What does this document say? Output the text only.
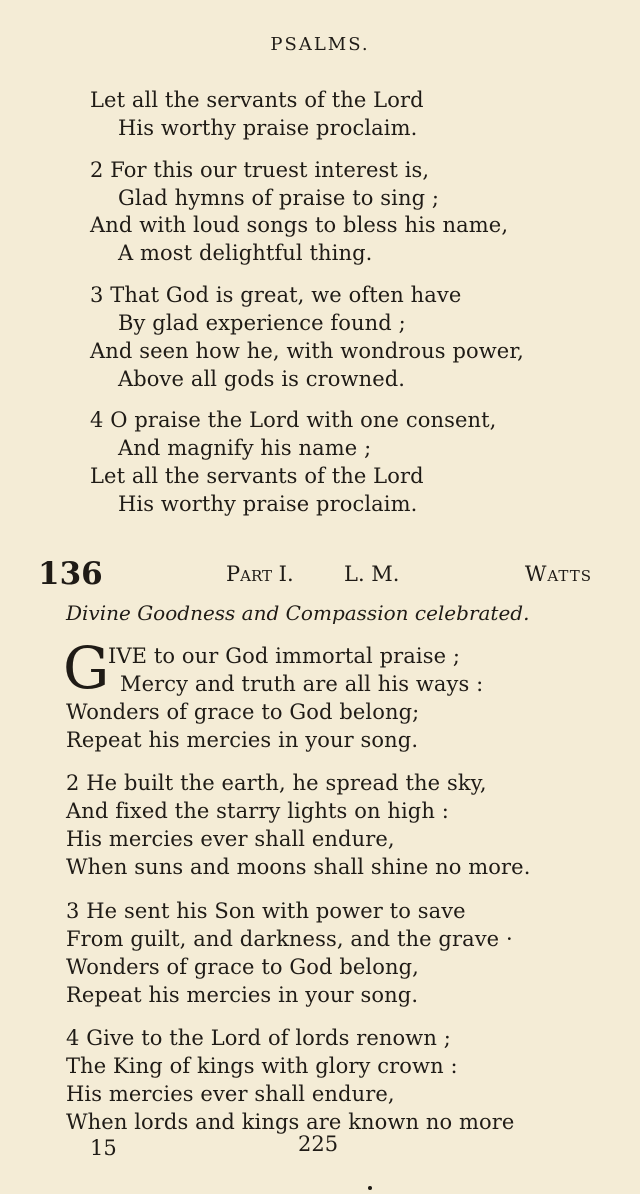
PSALMS.
Let all the servants of the Lord
His worthy praise proclaim.
2 For this our truest interest is,
Glad hymns of praise to sing ;
And with loud songs to bless his name,
A most delightful thing.
3 That God is great, we often have
By glad experience found ;
And seen how he, with wondrous power,
Above all gods is crowned.
4 O praise the Lord with one consent,
And magnify his name ;
Let all the servants of the Lord
His worthy praise proclaim.
136	Part I. L. M.	Watts
Divine Goodness and Compassion celebrated.
G
IVE to our God immortal praise ;
Mercy and truth are all his ways :
Wonders of grace to God belong;
Repeat his mercies in your song.
2 He built the earth, he spread the sky,
And fixed the starry lights on high :
His mercies ever shall endure,
When suns and moons shall shine no more.
3 He sent his Son with power to save
From guilt, and darkness, and the grave ·
Wonders of grace to God belong,
Repeat his mercies in your song.
4 Give to the Lord of lords renown ;
The King of kings with glory crown :
His mercies ever shall endure,
When lords and kings are known no more
15	225
